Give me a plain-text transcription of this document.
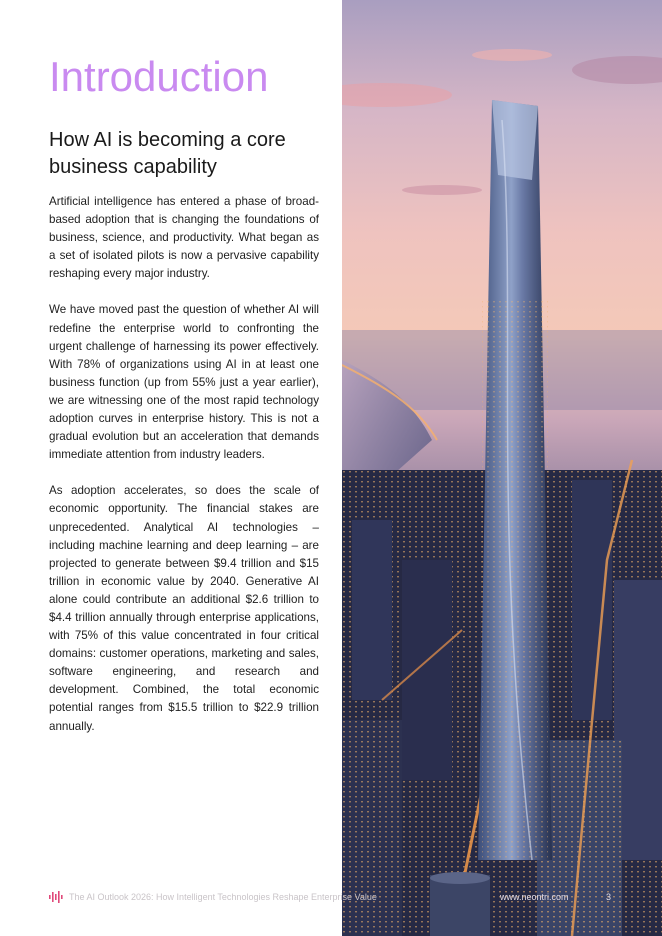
Introduction
How AI is becoming a core business capability

Artificial intelligence has entered a phase of broad-based adoption that is changing the foundations of business, science, and productivity. What began as a set of isolated pilots is now a pervasive capability reshaping every major industry.

We have moved past the question of whether AI will redefine the enterprise world to confronting the urgent challenge of harnessing its power effectively. With 78% of organizations using AI in at least one business function (up from 55% just a year earlier), we are witnessing one of the most rapid technology adoption curves in enterprise history. This is not a gradual evolution but an acceleration that demands immediate attention from industry leaders.

As adoption accelerates, so does the scale of economic opportunity. The financial stakes are unprecedented. Analytical AI technologies – including machine learning and deep learning – are projected to generate between $9.4 trillion and $15 trillion in economic value by 2040. Generative AI alone could contribute an additional $2.6 trillion to $4.4 trillion annually through enterprise applications, with 75% of this value concentrated in four critical domains: customer operations, marketing and sales, software engineering, and research and development. Combined, the total economic potential ranges from $15.5 trillion to $22.9 trillion annually.

The AI Outlook 2026: How Intelligent Technologies Reshape Enterprise Value	www.neontri.com	3
